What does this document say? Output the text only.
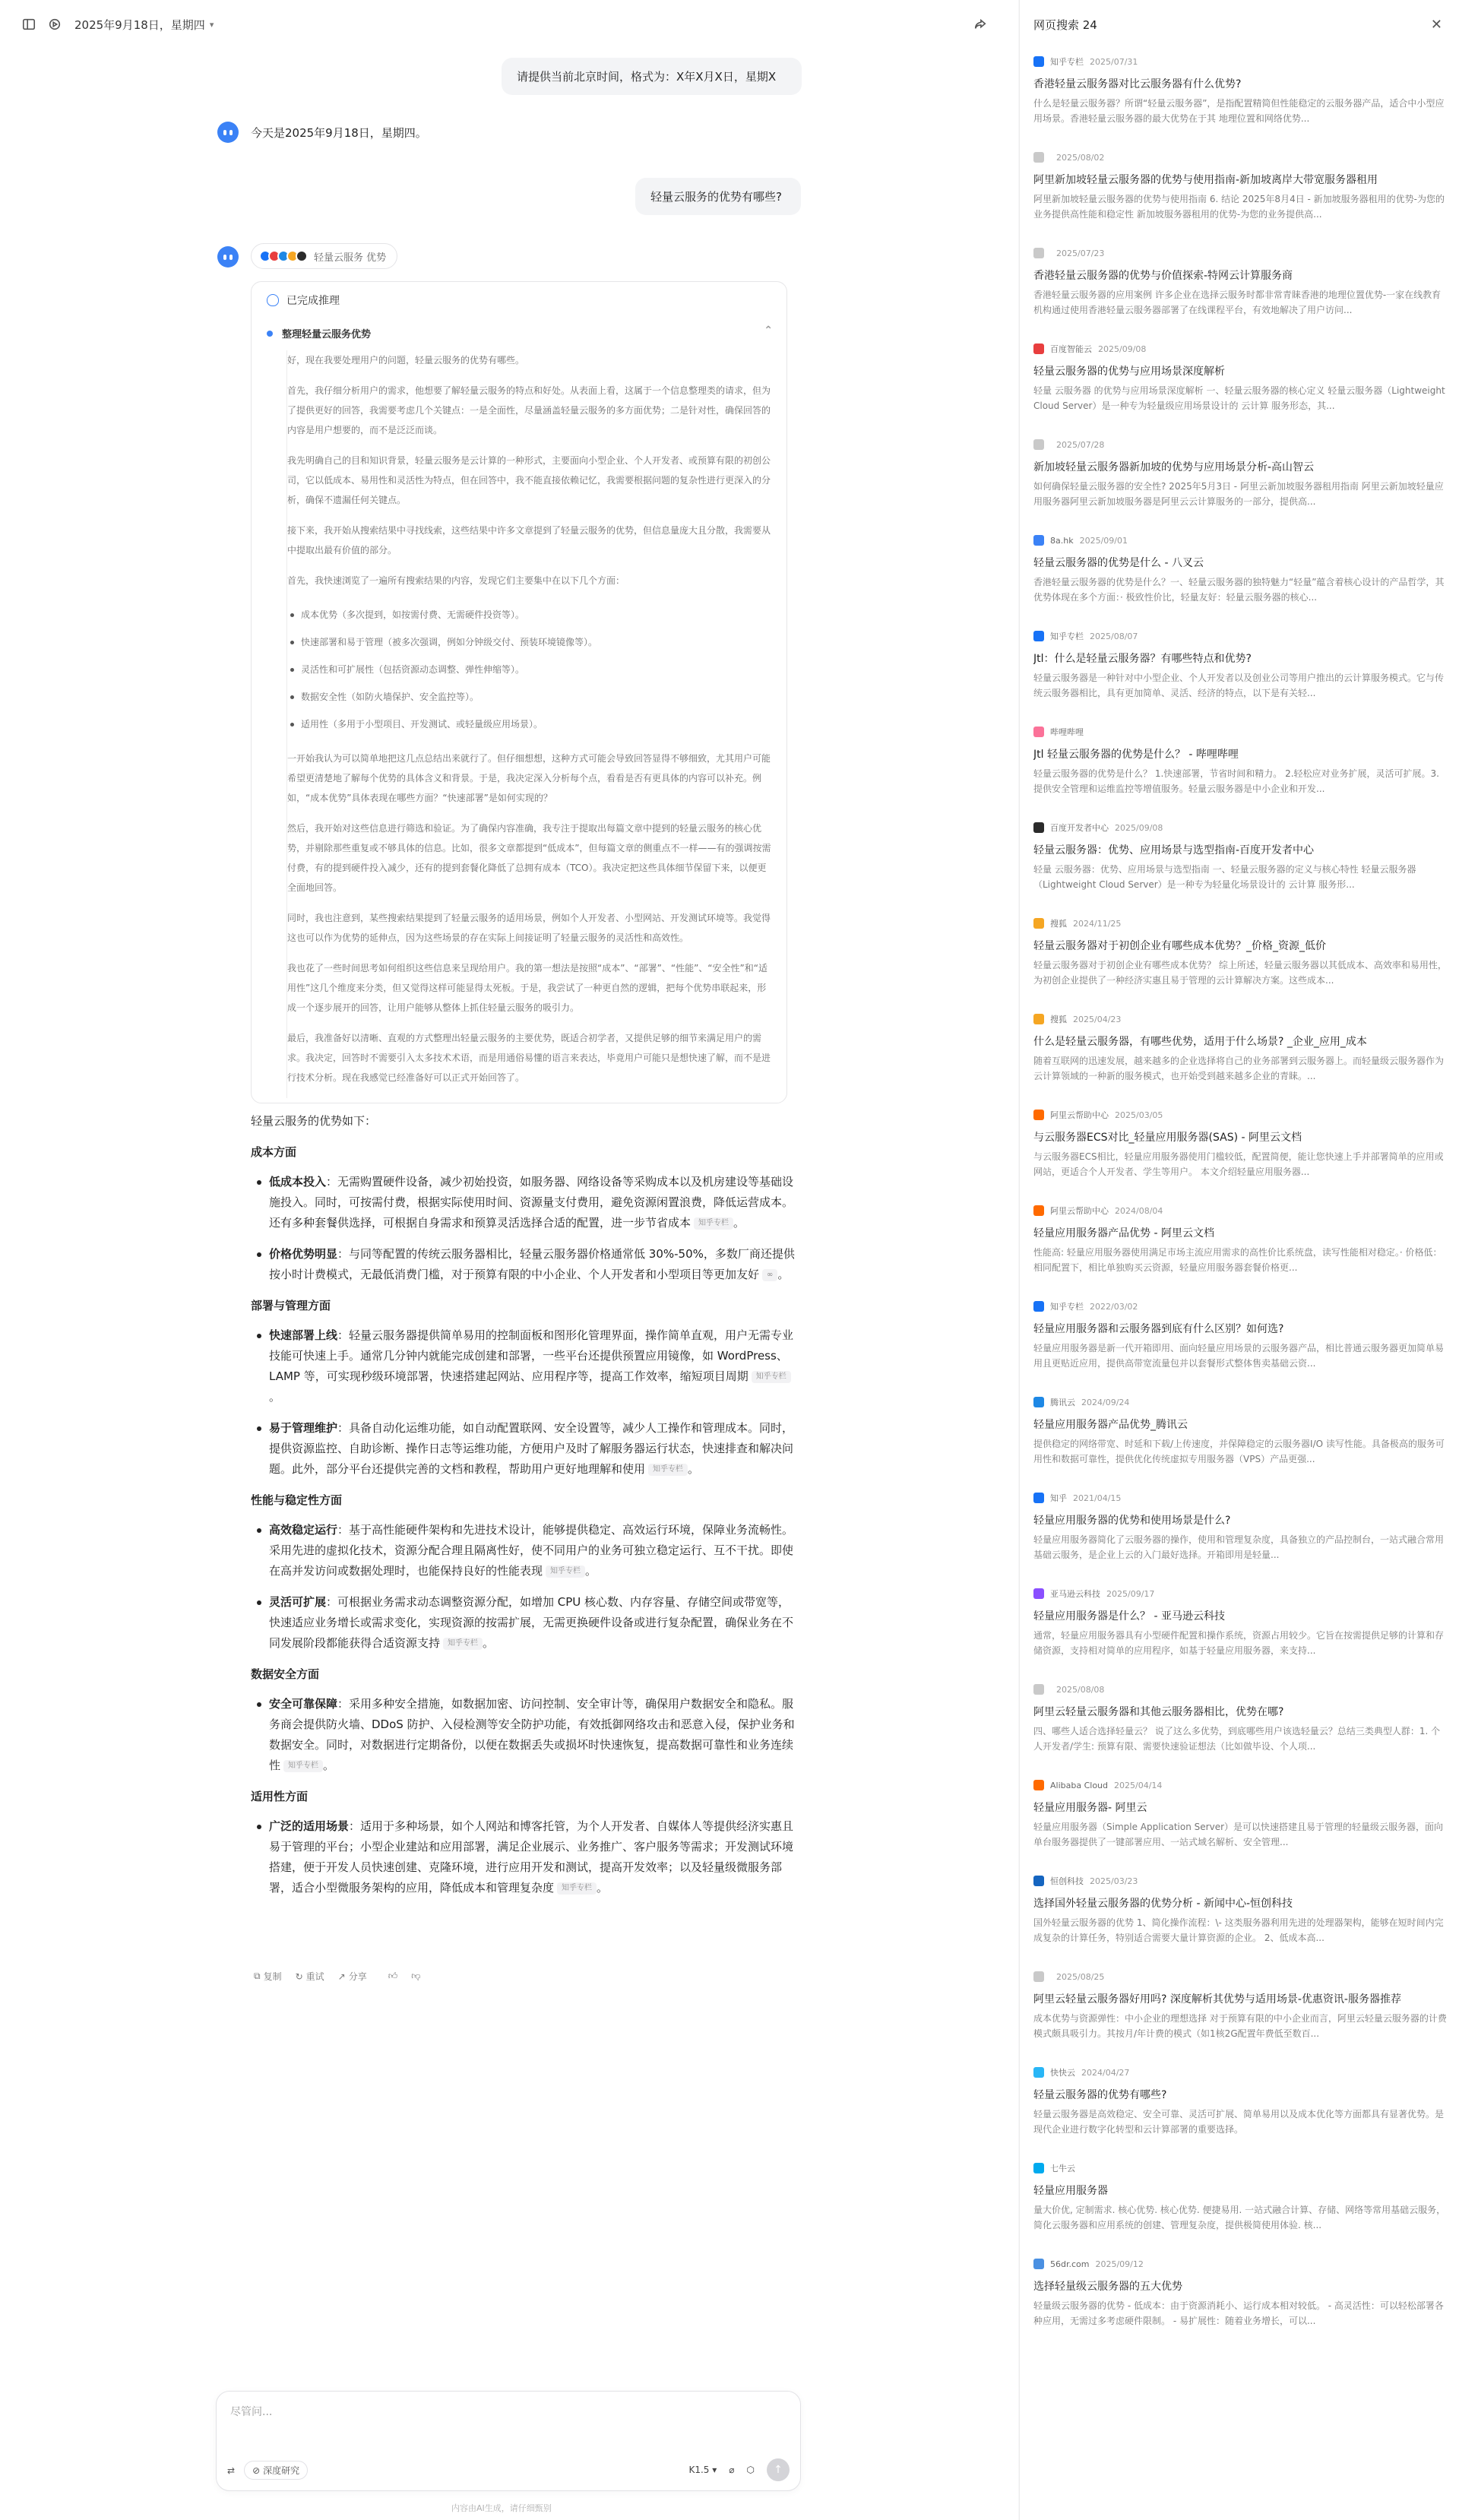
2025年9月18日，星期四 ▾
请提供当前北京时间，格式为：X年X月X日，星期X
今天是2025年9月18日，星期四。
轻量云服务的优势有哪些?
轻量云服务 优势
已完成推理
整理轻量云服务优势	⌃

好，现在我要处理用户的问题，轻量云服务的优势有哪些。

首先，我仔细分析用户的需求，他想要了解轻量云服务的特点和好处。从表面上看，这属于一个信息整理类的请求，但为了提供更好的回答，我需要考虑几个关键点：一是全面性，尽量涵盖轻量云服务的多方面优势；二是针对性，确保回答的内容是用户想要的，而不是泛泛而谈。

我先明确自己的目和知识背景，轻量云服务是云计算的一种形式，主要面向小型企业、个人开发者、或预算有限的初创公司，它以低成本、易用性和灵活性为特点，但在回答中，我不能直接依赖记忆，我需要根据问题的复杂性进行更深入的分析，确保不遗漏任何关键点。

接下来，我开始从搜索结果中寻找线索，这些结果中许多文章提到了轻量云服务的优势，但信息量庞大且分散，我需要从中提取出最有价值的部分。

首先，我快速浏览了一遍所有搜索结果的内容，发现它们主要集中在以下几个方面：

成本优势（多次提到，如按需付费、无需硬件投资等）。
快速部署和易于管理（被多次强调，例如分钟级交付、预装环境镜像等）。
灵活性和可扩展性（包括资源动态调整、弹性伸缩等）。
数据安全性（如防火墙保护、安全监控等）。
适用性（多用于小型项目、开发测试、或轻量级应用场景）。

一开始我认为可以简单地把这几点总结出来就行了。但仔细想想，这种方式可能会导致回答显得不够细致，尤其用户可能希望更清楚地了解每个优势的具体含义和背景。于是，我决定深入分析每个点，看看是否有更具体的内容可以补充。例如，“成本优势”具体表现在哪些方面？“快速部署”是如何实现的？

然后，我开始对这些信息进行筛选和验证。为了确保内容准确，我专注于提取出每篇文章中提到的轻量云服务的核心优势，并剔除那些重复或不够具体的信息。比如，很多文章都提到“低成本”，但每篇文章的侧重点不一样——有的强调按需付费，有的提到硬件投入减少，还有的提到套餐化降低了总拥有成本（TCO）。我决定把这些具体细节保留下来，以便更全面地回答。

同时，我也注意到，某些搜索结果提到了轻量云服务的适用场景，例如个人开发者、小型网站、开发测试环境等。我觉得这也可以作为优势的延伸点，因为这些场景的存在实际上间接证明了轻量云服务的灵活性和高效性。

我也花了一些时间思考如何组织这些信息来呈现给用户。我的第一想法是按照“成本”、“部署”、“性能”、“安全性”和“适用性”这几个维度来分类，但又觉得这样可能显得太死板。于是，我尝试了一种更自然的逻辑，把每个优势串联起来，形成一个逐步展开的回答，让用户能够从整体上抓住轻量云服务的吸引力。

最后，我准备好以清晰、直观的方式整理出轻量云服务的主要优势，既适合初学者，又提供足够的细节来满足用户的需求。我决定，回答时不需要引入太多技术术语，而是用通俗易懂的语言来表达，毕竟用户可能只是想快速了解，而不是进行技术分析。现在我感觉已经准备好可以正式开始回答了。

轻量云服务的优势如下：
成本方面
低成本投入：无需购置硬件设备，减少初始投资，如服务器、网络设备等采购成本以及机房建设等基础设施投入。同时，可按需付费，根据实际使用时间、资源量支付费用，避免资源闲置浪费，降低运营成本。还有多种套餐供选择，可根据自身需求和预算灵活选择合适的配置，进一步节省成本 知乎专栏 。
价格优势明显：与同等配置的传统云服务器相比，轻量云服务器价格通常低 30%-50%，多数厂商还提供按小时计费模式，无最低消费门槛，对于预算有限的中小企业、个人开发者和小型项目等更加友好 ∞ 。
部署与管理方面
快速部署上线：轻量云服务器提供简单易用的控制面板和图形化管理界面，操作简单直观，用户无需专业技能可快速上手。通常几分钟内就能完成创建和部署，一些平台还提供预置应用镜像，如 WordPress、LAMP 等，可实现秒级环境部署，快速搭建起网站、应用程序等，提高工作效率，缩短项目周期 知乎专栏。
易于管理维护：具备自动化运维功能，如自动配置联网、安全设置等，减少人工操作和管理成本。同时，提供资源监控、自助诊断、操作日志等运维功能，方便用户及时了解服务器运行状态，快速排查和解决问题。此外，部分平台还提供完善的文档和教程，帮助用户更好地理解和使用 知乎专栏 。
性能与稳定性方面
高效稳定运行：基于高性能硬件架构和先进技术设计，能够提供稳定、高效运行环境，保障业务流畅性。采用先进的虚拟化技术，资源分配合理且隔离性好，使不同用户的业务可独立稳定运行、互不干扰。即使在高并发访问或数据处理时，也能保持良好的性能表现 知乎专栏 。
灵活可扩展：可根据业务需求动态调整资源分配，如增加 CPU 核心数、内存容量、存储空间或带宽等，快速适应业务增长或需求变化，实现资源的按需扩展，无需更换硬件设备或进行复杂配置，确保业务在不同发展阶段都能获得合适资源支持 知乎专栏 。
数据安全方面
安全可靠保障：采用多种安全措施，如数据加密、访问控制、安全审计等，确保用户数据安全和隐私。服务商会提供防火墙、DDoS 防护、入侵检测等安全防护功能，有效抵御网络攻击和恶意入侵，保护业务和数据安全。同时，对数据进行定期备份，以便在数据丢失或损坏时快速恢复，提高数据可靠性和业务连续性 知乎专栏 。
适用性方面
广泛的适用场景：适用于多种场景，如个人网站和博客托管，为个人开发者、自媒体人等提供经济实惠且易于管理的平台；小型企业建站和应用部署，满足企业展示、业务推广、客户服务等需求；开发测试环境搭建，便于开发人员快速创建、克隆环境，进行应用开发和测试，提高开发效率；以及轻量级微服务部署，适合小型微服务架构的应用，降低成本和管理复杂度 知乎专栏 。
⧉ 复制 ↻ 重试 ↗ 分享 👍︎ 👎︎
尽管问...
⇄ ⊘ 深度研究	K1.5 ▾ ⌀ ⬡ ↑
内容由AI生成，请仔细甄别
网页搜索 24	✕
知乎专栏 2025/07/31
香港轻量云服务器对比云服务器有什么优势?
什么是轻量云服务器？所谓“轻量云服务器”，是指配置精简但性能稳定的云服务器产品，适合中小型应用场景。香港轻量云服务器的最大优势在于其 地理位置和网络优势...
2025/08/02
阿里新加坡轻量云服务器的优势与使用指南-新加坡离岸大带宽服务器租用
阿里新加坡轻量云服务器的优势与使用指南 6. 结论 2025年8月4日 - 新加坡服务器租用的优势-为您的业务提供高性能和稳定性 新加坡服务器租用的优势-为您的业务提供高...
2025/07/23
香港轻量云服务器的优势与价值探索-特网云计算服务商
香港轻量云服务器的应用案例 许多企业在选择云服务时都非常青睐香港的地理位置优势-一家在线教育机构通过使用香港轻量云服务器部署了在线课程平台，有效地解决了用户访问...
百度智能云 2025/09/08
轻量云服务器的优势与应用场景深度解析
轻量 云服务器 的优势与应用场景深度解析 一、轻量云服务器的核心定义 轻量云服务器（Lightweight Cloud Server）是一种专为轻量级应用场景设计的 云计算 服务形态，其...
2025/07/28
新加坡轻量云服务器新加坡的优势与应用场景分析-高山智云
如何确保轻量云服务器的安全性? 2025年5月3日 - 阿里云新加坡服务器租用指南 阿里云新加坡轻量应用服务器阿里云新加坡服务器是阿里云云计算服务的一部分，提供高...
8a.hk 2025/09/01
轻量云服务器的优势是什么 - 八叉云
香港轻量云服务器的优势是什么？一、轻量云服务器的独特魅力“轻量”蕴含着核心设计的产品哲学，其优势体现在多个方面：· 极致性价比，轻量友好：轻量云服务器的核心...
知乎专栏 2025/08/07
Jtl：什么是轻量云服务器？有哪些特点和优势?
轻量云服务器是一种针对中小型企业、个人开发者以及创业公司等用户推出的云计算服务模式。它与传统云服务器相比，具有更加简单、灵活、经济的特点，以下是有关轻...
哔哩哔哩
Jtl 轻量云服务器的优势是什么？ - 哔哩哔哩
轻量云服务器的优势是什么？ 1.快速部署，节省时间和精力。 2.轻松应对业务扩展，灵活可扩展。3.提供安全管理和运维监控等增值服务。轻量云服务器是中小企业和开发...
百度开发者中心 2025/09/08
轻量云服务器：优势、应用场景与选型指南-百度开发者中心
轻量 云服务器：优势、应用场景与选型指南 一、轻量云服务器的定义与核心特性 轻量云服务器（Lightweight Cloud Server）是一种专为轻量化场景设计的 云计算 服务形...
搜狐 2024/11/25
轻量云服务器对于初创企业有哪些成本优势？_价格_资源_低价
轻量云服务器对于初创企业有哪些成本优势？ 综上所述，轻量云服务器以其低成本、高效率和易用性，为初创企业提供了一种经济实惠且易于管理的云计算解决方案。这些成本...
搜狐 2025/04/23
什么是轻量云服务器，有哪些优势，适用于什么场景? _企业_应用_成本
随着互联网的迅速发展，越来越多的企业选择将自己的业务部署到云服务器上。而轻量级云服务器作为云计算领域的一种新的服务模式，也开始受到越来越多企业的青睐。...
阿里云帮助中心 2025/03/05
与云服务器ECS对比_轻量应用服务器(SAS) - 阿里云文档
与云服务器ECS相比，轻量应用服务器使用门槛较低，配置简便，能让您快速上手并部署简单的应用或网站，更适合个人开发者、学生等用户。 本文介绍轻量应用服务器...
阿里云帮助中心 2024/08/04
轻量应用服务器产品优势 - 阿里云文档
性能高: 轻量应用服务器使用满足市场主流应用需求的高性价比系统盘，读写性能相对稳定。· 价格低：相同配置下，相比单独购买云资源，轻量应用服务器套餐价格更...
知乎专栏 2022/03/02
轻量应用服务器和云服务器到底有什么区别？如何选?
轻量应用服务器是新一代开箱即用、面向轻量应用场景的云服务器产品，相比普通云服务器更加简单易用且更贴近应用，提供高带宽流量包并以套餐形式整体售卖基础云资...
腾讯云 2024/09/24
轻量应用服务器产品优势_腾讯云
提供稳定的网络带宽、时延和下载/上传速度，并保障稳定的云服务器I/O 读写性能。具备极高的服务可用性和数据可靠性，提供优化传统虚拟专用服务器（VPS）产品更强...
知乎 2021/04/15
轻量应用服务器的优势和使用场景是什么?
轻量应用服务器简化了云服务器的操作，使用和管理复杂度，具备独立的产品控制台，一站式融合常用基础云服务，是企业上云的入门最好选择。开箱即用是轻量...
亚马逊云科技 2025/09/17
轻量应用服务器是什么？ - 亚马逊云科技
通常，轻量应用服务器具有小型硬件配置和操作系统，资源占用较少。它旨在按需提供足够的计算和存储资源，支持相对简单的应用程序，如基于轻量应用服务器，来支持...
2025/08/08
阿里云轻量云服务器和其他云服务器相比，优势在哪?
四、哪些人适合选择轻量云？ 说了这么多优势，到底哪些用户该选轻量云？总结三类典型人群：1. 个人开发者/学生: 预算有限、需要快速验证想法（比如做毕设、个人项...
Alibaba Cloud 2025/04/14
轻量应用服务器- 阿里云
轻量应用服务器（Simple Application Server）是可以快速搭建且易于管理的轻量级云服务器，面向单台服务器提供了一键部署应用、一站式域名解析、安全管理...
恒创科技 2025/03/23
选择国外轻量云服务器的优势分析 - 新闻中心-恒创科技
国外轻量云服务器的优势 1、简化操作流程：\- 这类服务器利用先进的处理器架构，能够在短时间内完成复杂的计算任务，特别适合需要大量计算资源的企业。 2、低成本高...
2025/08/25
阿里云轻量云服务器好用吗? 深度解析其优势与适用场景-优惠资讯-服务器推荐
成本优势与资源弹性：中小企业的理想选择 对于预算有限的中小企业而言，阿里云轻量云服务器的计费模式颇具吸引力。其按月/年计费的模式（如1核2G配置年费低至数百...
快快云 2024/04/27
轻量云服务器的优势有哪些?
轻量云服务器是高效稳定、安全可靠、灵活可扩展、简单易用以及成本优化等方面都具有显著优势。是现代企业进行数字化转型和云计算部署的重要选择。
七牛云
轻量应用服务器
量大价优, 定制需求. 核心优势. 核心优势. 便捷易用. 一站式融合计算、存储、网络等常用基础云服务，简化云服务器和应用系统的创建、管理复杂度，提供极简使用体验. 核...
56dr.com 2025/09/12
选择轻量级云服务器的五大优势
轻量级云服务器的优势 - 低成本：由于资源消耗小、运行成本相对较低。 - 高灵活性：可以轻松部署各种应用，无需过多考虑硬件限制。 - 易扩展性：随着业务增长，可以...
